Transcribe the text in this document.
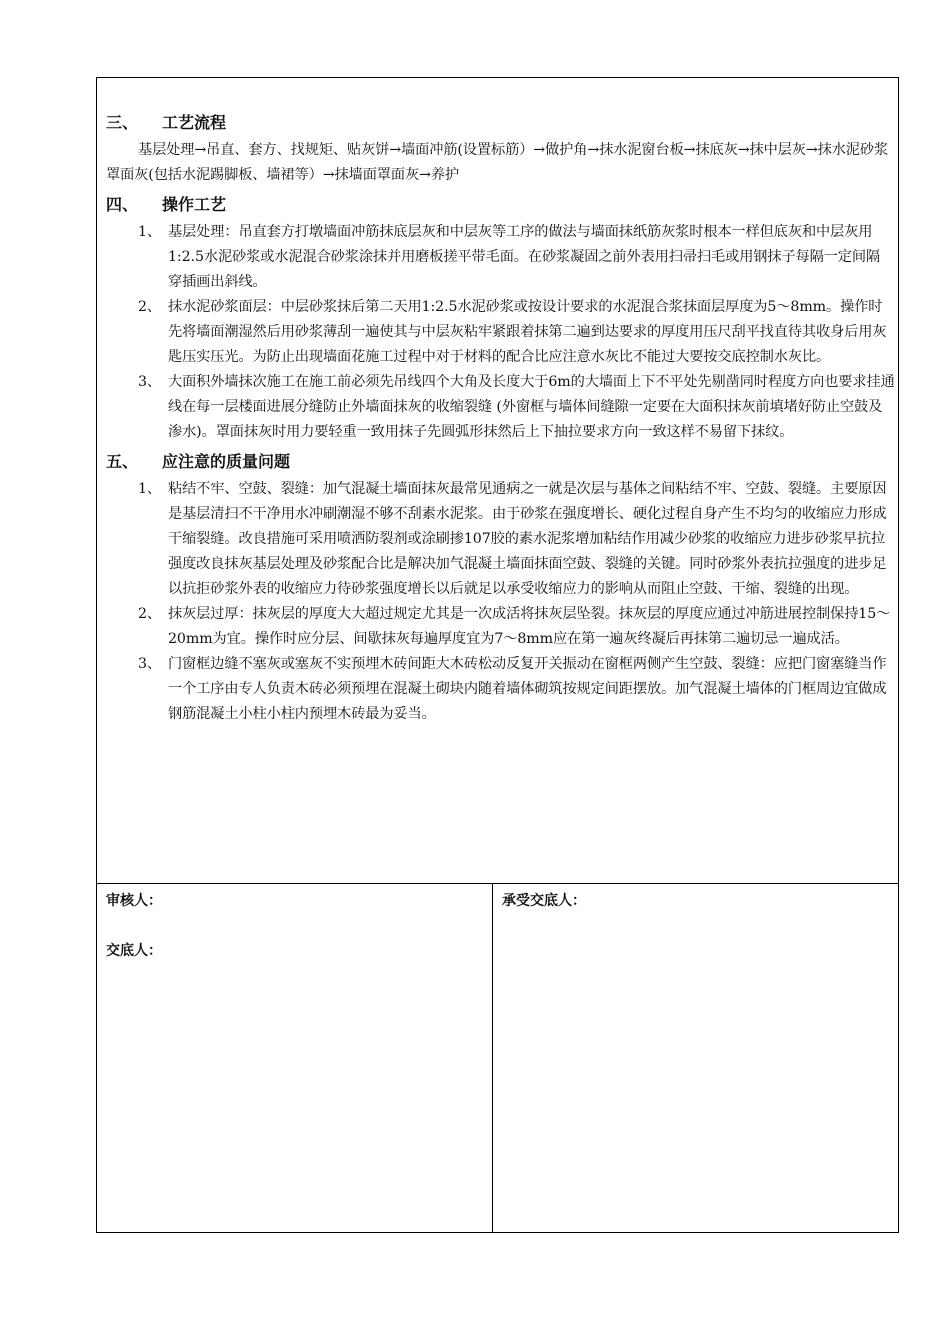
三、 工艺流程
基层处理→吊直、套方、找规矩、贴灰饼→墙面冲筋(设置标筋）→做护角→抹水泥窗台板→抹底灰→抹中层灰→抹水泥砂浆罩面灰(包括水泥踢脚板、墙裙等）→抹墙面罩面灰→养护
四、 操作工艺
1、 基层处理：吊直套方打墩墙面冲筋抹底层灰和中层灰等工序的做法与墙面抹纸筋灰浆时根本一样但底灰和中层灰用1:2.5水泥砂浆或水泥混合砂浆涂抹并用磨板搓平带毛面。在砂浆凝固之前外表用扫帚扫毛或用钢抹子每隔一定间隔 穿插画出斜线。
2、 抹水泥砂浆面层：中层砂浆抹后第二天用1:2.5水泥砂浆或按设计要求的水泥混合浆抹面层厚度为5～8mm。操作时先将墙面潮湿然后用砂浆薄刮一遍使其与中层灰粘牢紧跟着抹第二遍到达要求的厚度用压尺刮平找直待其收身后用灰匙压实压光。为防止出现墙面花施工过程中对于材料的配合比应注意水灰比不能过大要按交底控制水灰比。
3、 大面积外墙抹次施工在施工前必须先吊线四个大角及长度大于6m的大墙面上下不平处先剔凿同时程度方向也要求挂通线在每一层楼面进展分缝防止外墙面抹灰的收缩裂缝 (外窗框与墙体间缝隙一定要在大面积抹灰前填堵好防止空鼓及渗水)。罩面抹灰时用力要轻重一致用抹子先圆弧形抹然后上下抽拉要求方向一致这样不易留下抹纹。
五、 应注意的质量问题
1、 粘结不牢、空鼓、裂缝：加气混凝土墙面抹灰最常见通病之一就是次层与基体之间粘结不牢、空鼓、裂缝。主要原因是基层清扫不干净用水冲刷潮湿不够不刮素水泥浆。由于砂浆在强度增长、硬化过程自身产生不均匀的收缩应力形成干缩裂缝。改良措施可采用喷洒防裂剂或涂刷掺107胶的素水泥浆增加粘结作用减少砂浆的收缩应力进步砂浆早抗拉强度改良抹灰基层处理及砂浆配合比是解决加气混凝土墙面抹面空鼓、裂缝的关键。同时砂浆外表抗拉强度的进步足以抗拒砂浆外表的收缩应力待砂浆强度增长以后就足以承受收缩应力的影响从而阻止空鼓、干缩、裂缝的出现。
2、 抹灰层过厚：抹灰层的厚度大大超过规定尤其是一次成活将抹灰层坠裂。抹灰层的厚度应通过冲筋进展控制保持15～20mm为宜。操作时应分层、间歇抹灰每遍厚度宜为7～8mm应在第一遍灰终凝后再抹第二遍切忌一遍成活。
3、 门窗框边缝不塞灰或塞灰不实预埋木砖间距大木砖松动反复开关振动在窗框两侧产生空鼓、裂缝：应把门窗塞缝当作一个工序由专人负责木砖必须预埋在混凝土砌块内随着墙体砌筑按规定间距摆放。加气混凝土墙体的门框周边宜做成钢筋混凝土小柱小柱内预埋木砖最为妥当。
审核人：
交底人：
承受交底人：
